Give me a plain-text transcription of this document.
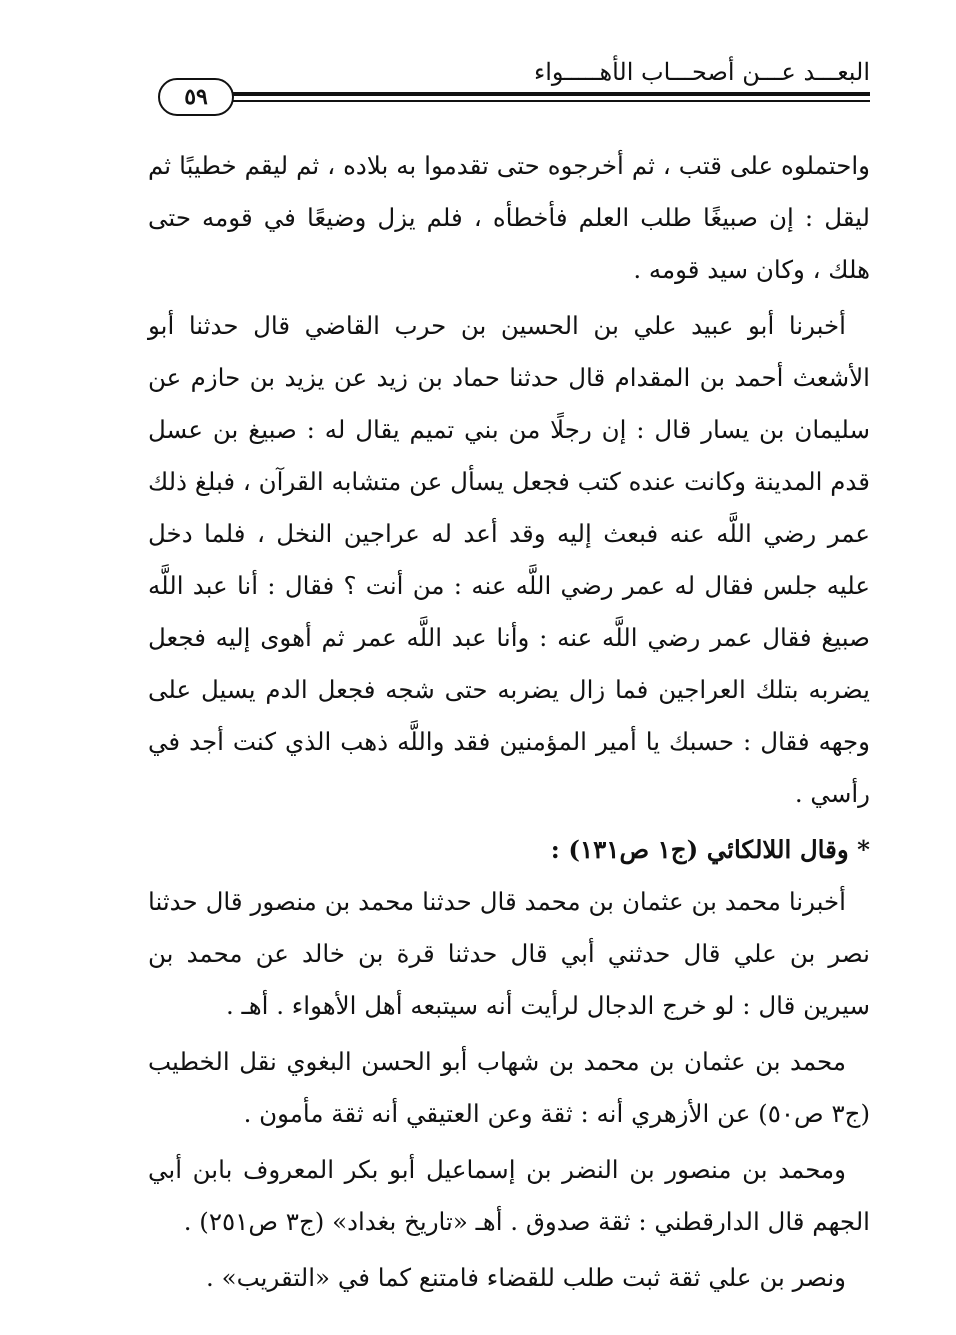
البعـــد عـــن أصحـــاب الأهـــــواء
٥٩

واحتملوه على قتب ، ثم أخرجوه حتى تقدموا به بلاده ، ثم ليقم خطيبًا ثم ليقل : إن صبيغًا طلب العلم فأخطأه ، فلم يزل وضيعًا في قومه حتى هلك ، وكان سيد قومه .

أخبرنا أبو عبيد علي بن الحسين بن حرب القاضي قال حدثنا أبو الأشعث أحمد بن المقدام قال حدثنا حماد بن زيد عن يزيد بن حازم عن سليمان بن يسار قال : إن رجلًا من بني تميم يقال له : صبيغ بن عسل قدم المدينة وكانت عنده كتب فجعل يسأل عن متشابه القرآن ، فبلغ ذلك عمر رضي اللَّه عنه فبعث إليه وقد أعد له عراجين النخل ، فلما دخل عليه جلس فقال له عمر رضي اللَّه عنه : من أنت ؟ فقال : أنا عبد اللَّه صبيغ فقال عمر رضي اللَّه عنه : وأنا عبد اللَّه عمر ثم أهوى إليه فجعل يضربه بتلك العراجين فما زال يضربه حتى شجه فجعل الدم يسيل على وجهه فقال : حسبك يا أمير المؤمنين فقد واللَّه ذهب الذي كنت أجد في رأسي .

* وقال اللالكائي (ج١ ص١٣١) :

أخبرنا محمد بن عثمان بن محمد قال حدثنا محمد بن منصور قال حدثنا نصر بن علي قال حدثني أبي قال حدثنا قرة بن خالد عن محمد بن سيرين قال : لو خرج الدجال لرأيت أنه سيتبعه أهل الأهواء . أهـ .

محمد بن عثمان بن محمد بن شهاب أبو الحسن البغوي نقل الخطيب (ج٣ ص٥٠) عن الأزهري أنه : ثقة وعن العتيقي أنه ثقة مأمون .

ومحمد بن منصور بن النضر بن إسماعيل أبو بكر المعروف بابن أبي الجهم قال الدارقطني : ثقة صدوق . أهـ «تاريخ بغداد» (ج٣ ص٢٥١) .

ونصر بن علي ثقة ثبت طلب للقضاء فامتنع كما في «التقريب» .
